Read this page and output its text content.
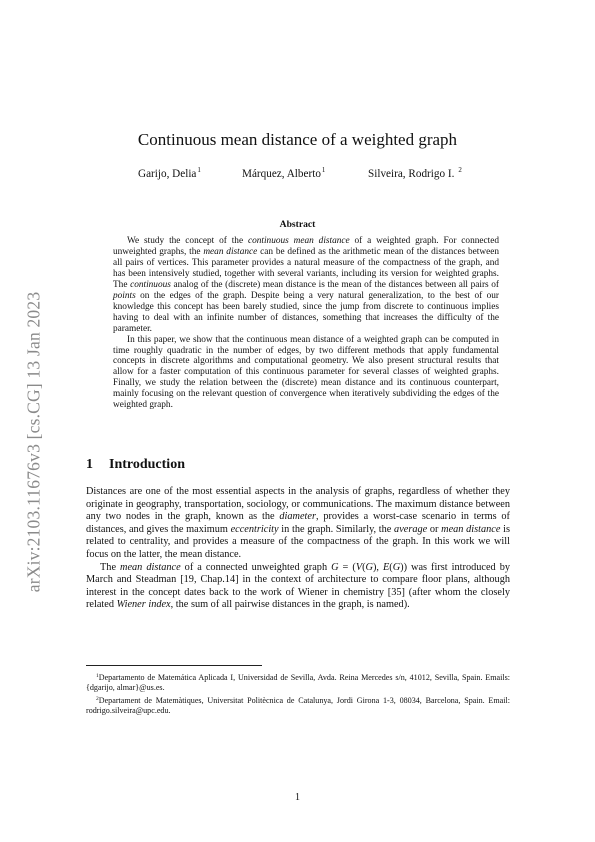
arXiv:2103.11676v3 [cs.CG] 13 Jan 2023
Continuous mean distance of a weighted graph
Garijo, Delia$^1$	Márquez, Alberto$^1$	Silveira, Rodrigo I. $^2$
Abstract

We study the concept of the continuous mean distance of a weighted graph. For connected unweighted graphs, the mean distance can be defined as the arithmetic mean of the distances between all pairs of vertices. This parameter provides a natural measure of the compactness of the graph, and has been intensively studied, together with several variants, including its version for weighted graphs. The continuous analog of the (discrete) mean distance is the mean of the distances between all pairs of points on the edges of the graph. Despite being a very natural generalization, to the best of our knowledge this concept has been barely studied, since the jump from discrete to continuous implies having to deal with an infinite number of distances, something that increases the difficulty of the parameter.

In this paper, we show that the continuous mean distance of a weighted graph can be computed in time roughly quadratic in the number of edges, by two different methods that apply fundamental concepts in discrete algorithms and computational geometry. We also present structural results that allow for a faster computation of this continuous parameter for several classes of weighted graphs. Finally, we study the relation between the (discrete) mean distance and its continuous counterpart, mainly focusing on the relevant question of convergence when iteratively subdividing the edges of the weighted graph.

1 Introduction

Distances are one of the most essential aspects in the analysis of graphs, regardless of whether they originate in geography, transportation, sociology, or communications. The maximum distance between any two nodes in the graph, known as the diameter, provides a worst-case scenario in terms of distances, and gives the maximum eccentricity in the graph. Similarly, the average or mean distance is related to centrality, and provides a measure of the compactness of the graph. In this work we will focus on the latter, the mean distance.

The mean distance of a connected unweighted graph G = (V(G), E(G)) was first introduced by March and Steadman [19, Chap.14] in the context of architecture to compare floor plans, although interest in the concept dates back to the work of Wiener in chemistry [35] (after whom the closely related Wiener index, the sum of all pairwise distances in the graph, is named).

$^1$Departamento de Matemática Aplicada I, Universidad de Sevilla, Avda. Reina Mercedes s/n, 41012, Sevilla, Spain. Emails: {dgarijo, almar}@us.es.

$^2$Departament de Matemàtiques, Universitat Politècnica de Catalunya, Jordi Girona 1-3, 08034, Barcelona, Spain. Email: rodrigo.silveira@upc.edu.

1
